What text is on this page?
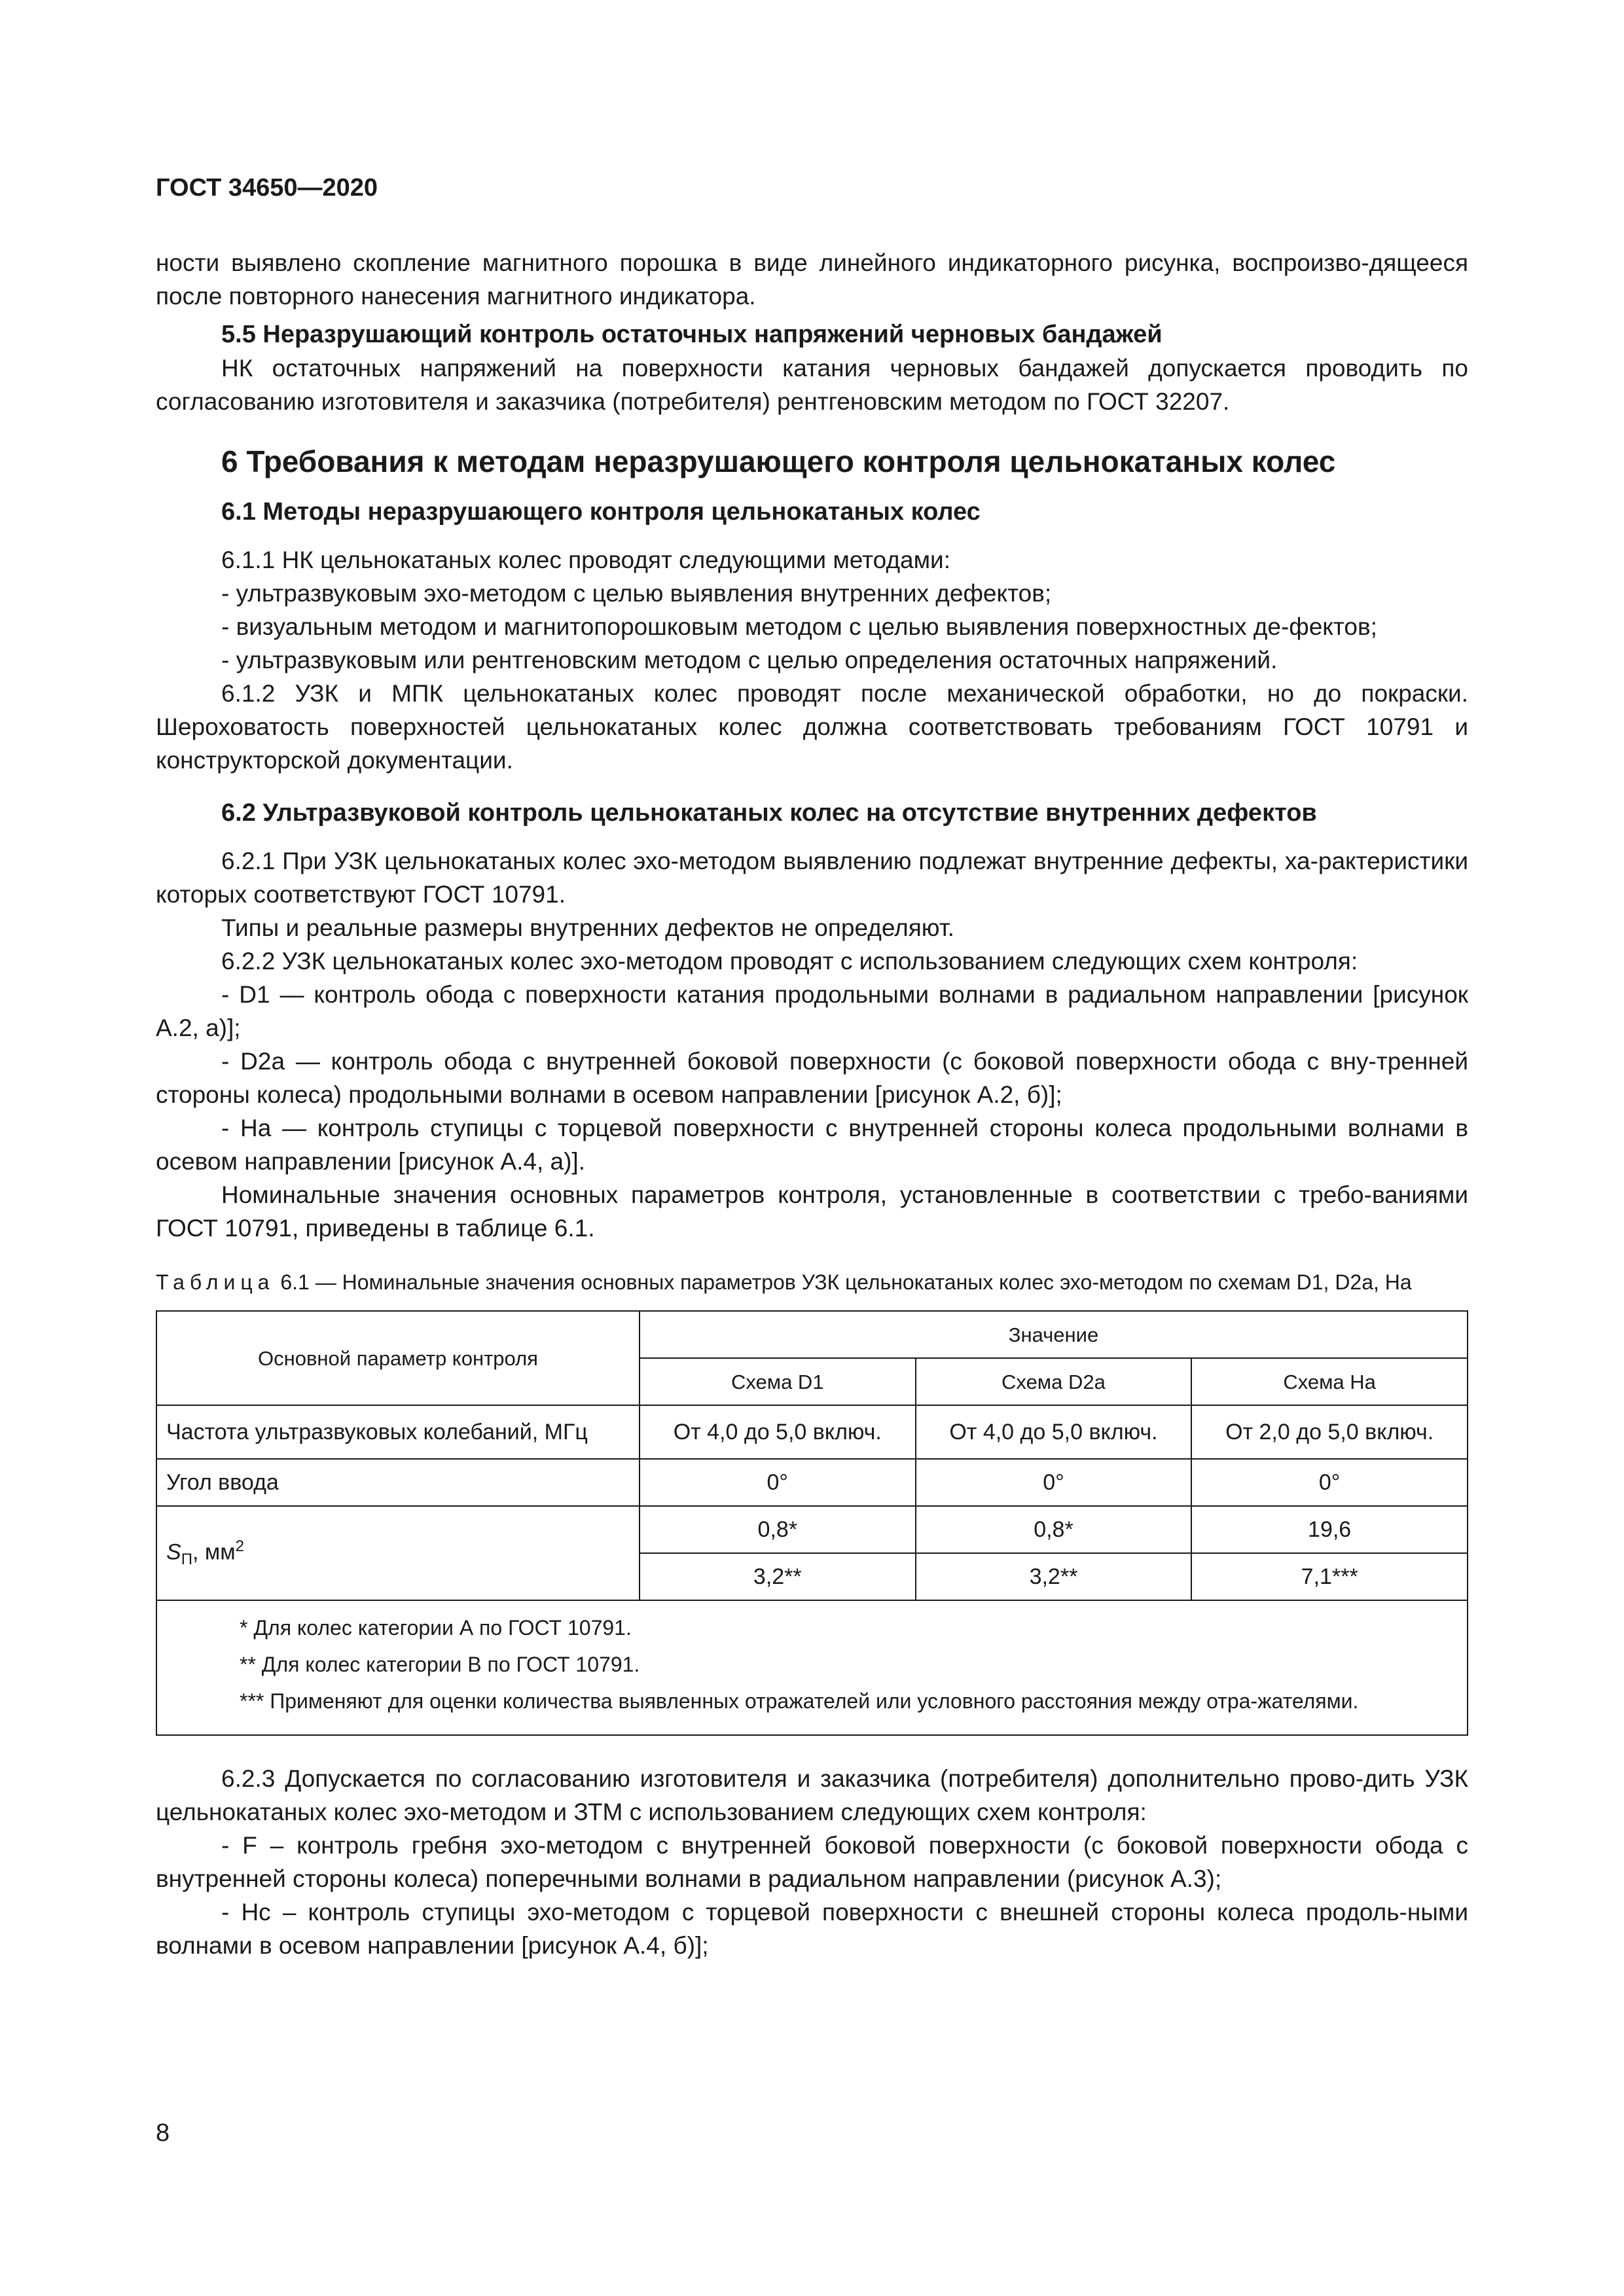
ГОСТ 34650—2020

ности выявлено скопление магнитного порошка в виде линейного индикаторного рисунка, воспроизво-дящееся после повторного нанесения магнитного индикатора.

5.5 Неразрушающий контроль остаточных напряжений черновых бандажей

НК остаточных напряжений на поверхности катания черновых бандажей допускается проводить по согласованию изготовителя и заказчика (потребителя) рентгеновским методом по ГОСТ 32207.

6 Требования к методам неразрушающего контроля цельнокатаных колес

6.1 Методы неразрушающего контроля цельнокатаных колес

6.1.1 НК цельнокатаных колес проводят следующими методами:

- ультразвуковым эхо-методом с целью выявления внутренних дефектов;

- визуальным методом и магнитопорошковым методом с целью выявления поверхностных де-фектов;

- ультразвуковым или рентгеновским методом с целью определения остаточных напряжений.

6.1.2 УЗК и МПК цельнокатаных колес проводят после механической обработки, но до покраски. Шероховатость поверхностей цельнокатаных колес должна соответствовать требованиям ГОСТ 10791 и конструкторской документации.

6.2 Ультразвуковой контроль цельнокатаных колес на отсутствие внутренних дефектов

6.2.1 При УЗК цельнокатаных колес эхо-методом выявлению подлежат внутренние дефекты, ха-рактеристики которых соответствуют ГОСТ 10791.

Типы и реальные размеры внутренних дефектов не определяют.

6.2.2 УЗК цельнокатаных колес эхо-методом проводят с использованием следующих схем контроля:

- D1 — контроль обода с поверхности катания продольными волнами в радиальном направлении [рисунок А.2, а)];

- D2a — контроль обода с внутренней боковой поверхности (с боковой поверхности обода с вну-тренней стороны колеса) продольными волнами в осевом направлении [рисунок А.2, б)];

- На — контроль ступицы с торцевой поверхности с внутренней стороны колеса продольными волнами в осевом направлении [рисунок А.4, а)].

Номинальные значения основных параметров контроля, установленные в соответствии с требо-ваниями ГОСТ 10791, приведены в таблице 6.1.

Таблица 6.1 — Номинальные значения основных параметров УЗК цельнокатаных колес эхо-методом по схемам D1, D2a, На

Основной параметр контроля	Значение		
	Схема D1	Схема D2a	Схема На
Частота ультразвуковых колебаний, МГц	От 4,0 до 5,0 включ.	От 4,0 до 5,0 включ.	От 2,0 до 5,0 включ.
Угол ввода	0°	0°	0°
$S_П$, $мм^2$	0,8*	0,8*	19,6
	3,2**	3,2**	7,1***

* Для колес категории А по ГОСТ 10791.
** Для колес категории В по ГОСТ 10791.
*** Применяют для оценки количества выявленных отражателей или условного расстояния между отра-жателями.			

6.2.3 Допускается по согласованию изготовителя и заказчика (потребителя) дополнительно прово-дить УЗК цельнокатаных колес эхо-методом и ЗТМ с использованием следующих схем контроля:

- F – контроль гребня эхо-методом с внутренней боковой поверхности (с боковой поверхности обода с внутренней стороны колеса) поперечными волнами в радиальном направлении (рисунок А.3);

- Нс – контроль ступицы эхо-методом с торцевой поверхности с внешней стороны колеса продоль-ными волнами в осевом направлении [рисунок А.4, б)];

8
